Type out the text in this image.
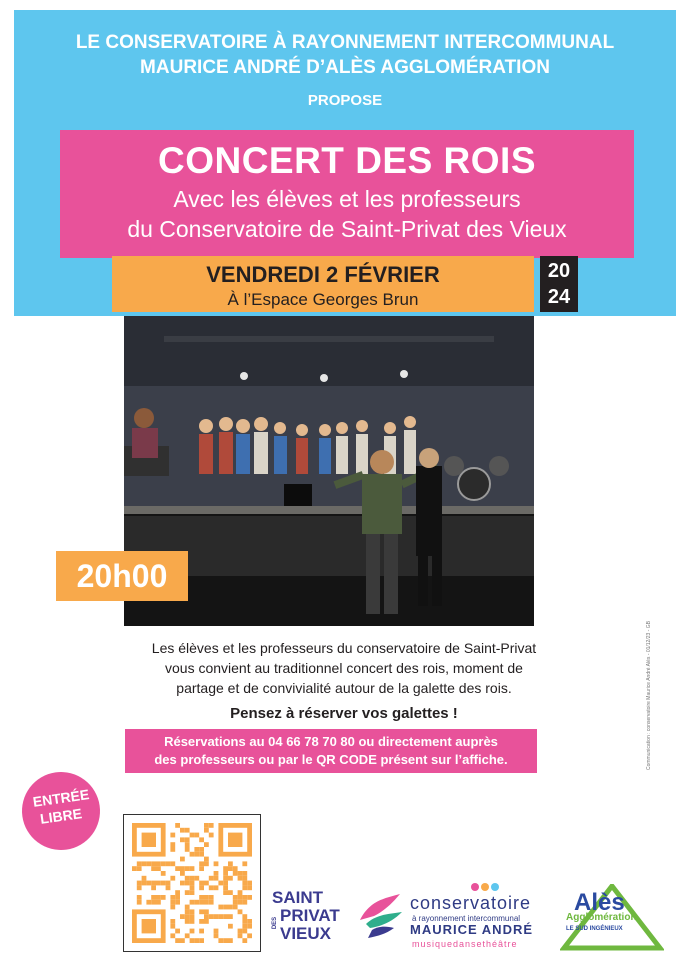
LE CONSERVATOIRE À RAYONNEMENT INTERCOMMUNAL
MAURICE ANDRÉ D’ALÈS AGGLOMÉRATION
PROPOSE
CONCERT DES ROIS
Avec les élèves et les professeurs
du Conservatoire de Saint-Privat des Vieux
VENDREDI 2 FÉVRIER
À l’Espace Georges Brun
20
24
20h00
Les élèves et les professeurs du conservatoire de Saint-Privat
vous convient au traditionnel concert des rois, moment de
partage et de convivialité autour de la galette des rois.
Pensez à réserver vos galettes !
Réservations au 04 66 78 70 80 ou directement auprès
des professeurs ou par le QR CODE présent sur l’affiche.
ENTRÉE
LIBRE
Communication : conservatoire Maurice André Alès - 01/12/23 - GB
SAINT
PRIVAT
VIEUX
DES
conservatoire
à rayonnement intercommunal
MAURICE ANDRÉ
musiquedansethéâtre
Alès
Agglomération
LE SUD INGÉNIEUX
